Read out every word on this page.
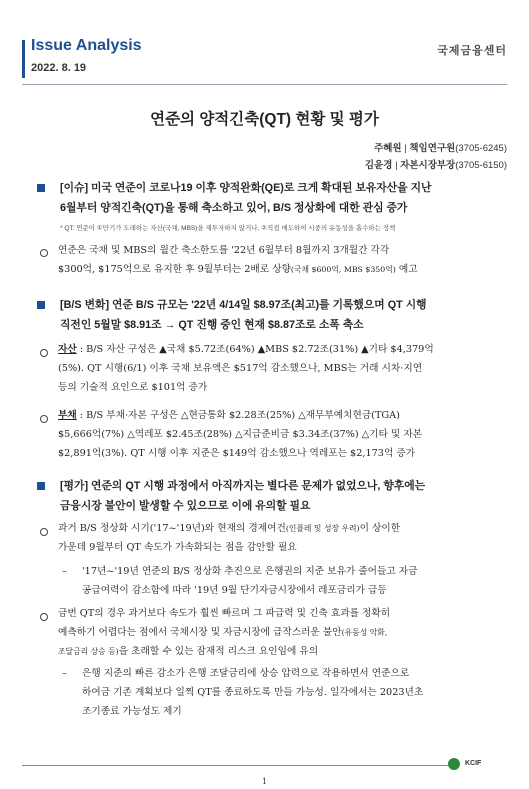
Issue Analysis
2022. 8. 19
국제금융센터
연준의 양적긴축(QT) 현황 및 평가
주혜원 | 책임연구원(3705-6245)
김윤경 | 자본시장부장(3705-6150)
[이슈] 미국 연준이 코로나19 이후 양적완화(QE)로 크게 확대된 보유자산을 지난
6월부터 양적긴축(QT)을 통해 축소하고 있어, B/S 정상화에 대한 관심 증가
* QT: 연준이 ①만기가 도래하는 자산(국채, MBS)을 재투자하지 않거나, ②직접 매도하여 시중의 유동성을 흡수하는 정책
연준은 국채 및 MBS의 월간 축소한도를 '22년 6월부터 8월까지 3개월간 각각
$300억, $175억으로 유지한 후 9월부터는 2배로 상향(국채 $600억, MBS $350억) 예고
[B/S 변화] 연준 B/S 규모는 '22년 4/14일 $8.97조(최고)를 기록했으며 QT 시행
직전인 5월말 $8.91조 → QT 진행 중인 현재 $8.87조로 소폭 축소
자산 : B/S 자산 구성은 ▲국채 $5.72조(64%) ▲MBS $2.72조(31%) ▲기타 $4,379억
(5%). QT 시행(6/1) 이후 국채 보유액은 $517억 감소했으나, MBS는 거래 시차·지연
등의 기술적 요인으로 $101억 증가
부채 : B/S 부채·자본 구성은 △현금통화 $2.28조(25%) △재무부예치현금(TGA)
$5,666억(7%) △역레포 $2.45조(28%) △지급준비금 $3.34조(37%) △기타 및 자본
$2,891억(3%). QT 시행 이후 지준은 $149억 감소했으나 역레포는 $2,173억 증가
[평가] 연준의 QT 시행 과정에서 아직까지는 별다른 문제가 없었으나, 향후에는
금융시장 불안이 발생할 수 있으므로 이에 유의할 필요
과거 B/S 정상화 시기('17~'19년)와 현재의 경제여건(인플레 및 성장 우려)이 상이한
가운데 9월부터 QT 속도가 가속화되는 점을 감안할 필요
– '17년~'19년 연준의 B/S 정상화 추진으로 은행권의 지준 보유가 줄어들고 자금
공급여력이 감소함에 따라 '19년 9월 단기자금시장에서 레포금리가 급등
금번 QT의 경우 과거보다 속도가 훨씬 빠르며 그 파급력 및 긴축 효과를 정확히
예측하기 어렵다는 점에서 국채시장 및 자금시장에 급작스러운 불안(유동성 악화,
조달금리 상승 등)을 초래할 수 있는 잠재적 리스크 요인임에 유의
– 은행 지준의 빠른 감소가 은행 조달금리에 상승 압력으로 작용하면서 연준으로
하여금 기존 계획보다 일찍 QT를 종료하도록 만들 가능성. 일각에서는 2023년초
조기종료 가능성도 제기
KCIF
1
